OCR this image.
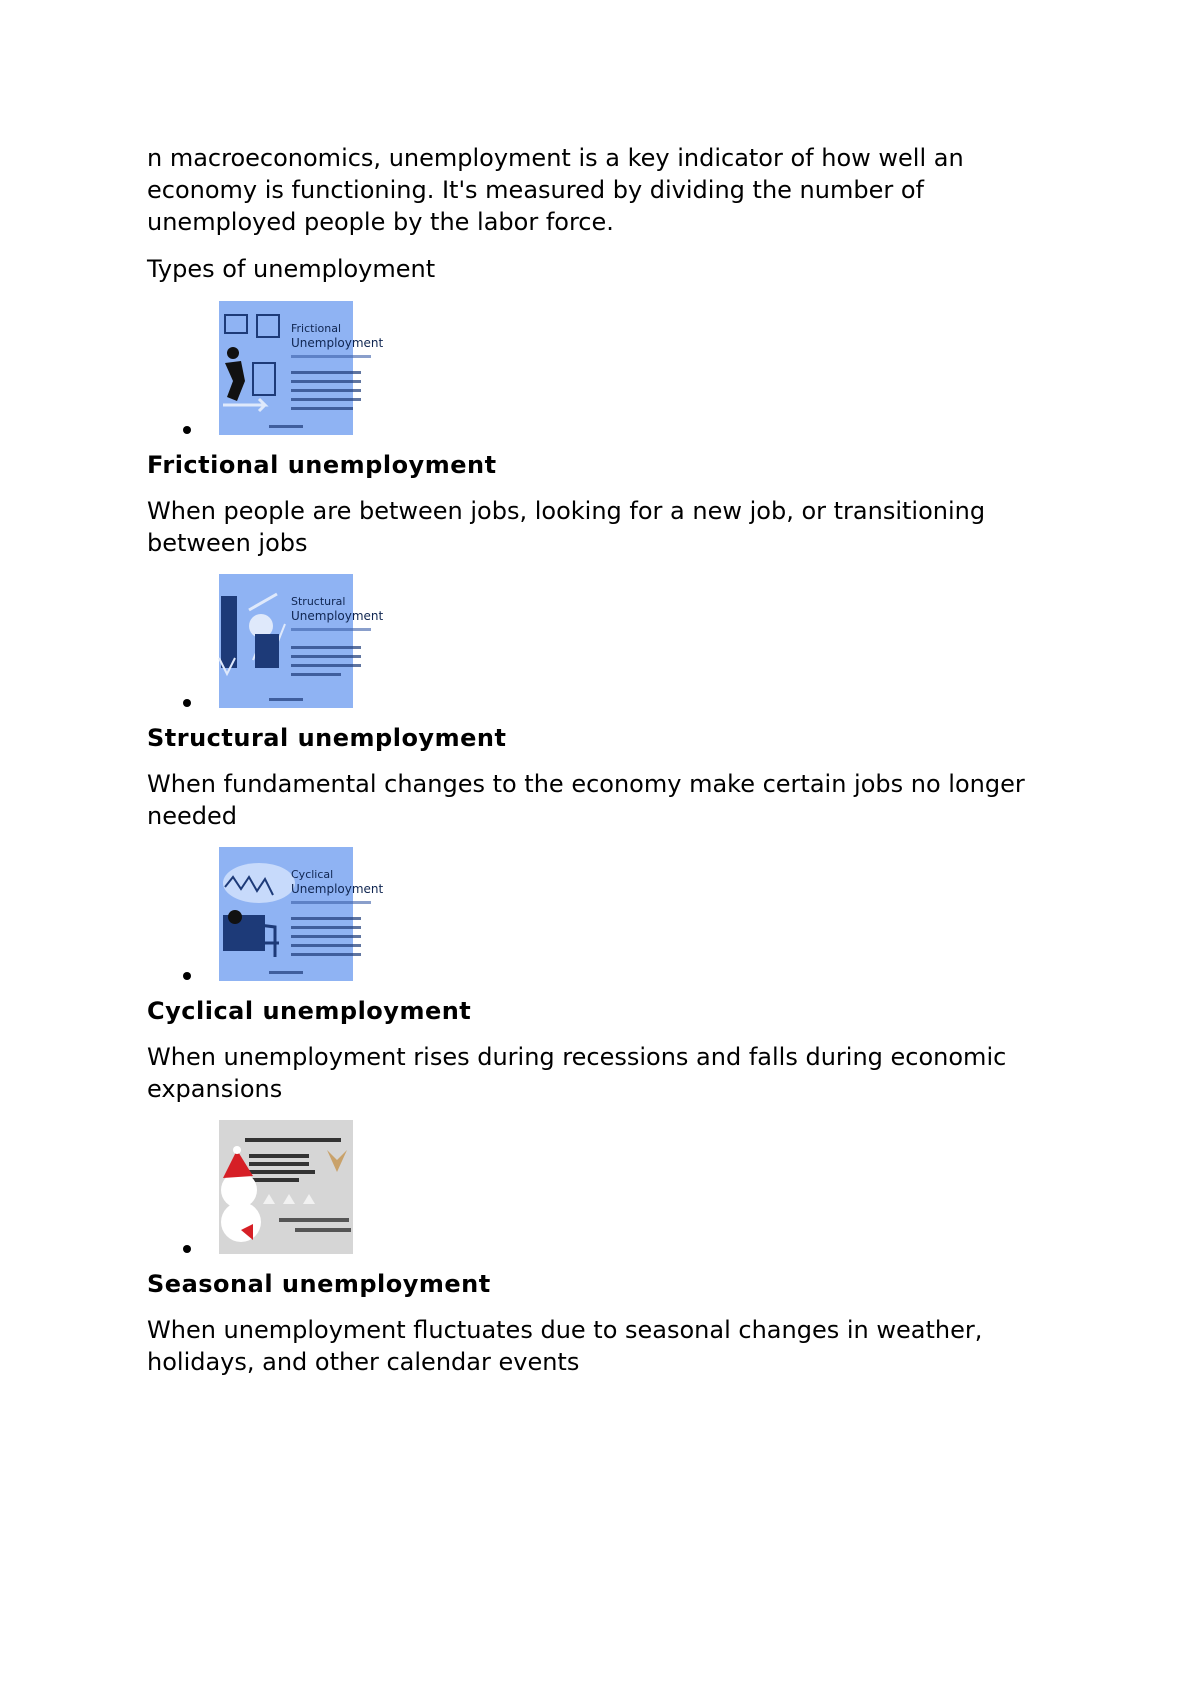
n macroeconomics, unemployment is a key indicator of how well an economy is functioning. It's measured by dividing the number of unemployed people by the labor force.

Types of unemployment

Frictional
Unemployment

Frictional unemployment

When people are between jobs, looking for a new job, or transitioning between jobs

Structural
Unemployment

Structural unemployment

When fundamental changes to the economy make certain jobs no longer needed

Cyclical
Unemployment

Cyclical unemployment

When unemployment rises during recessions and falls during economic expansions

Seasonal unemployment

When unemployment fluctuates due to seasonal changes in weather, holidays, and other calendar events
